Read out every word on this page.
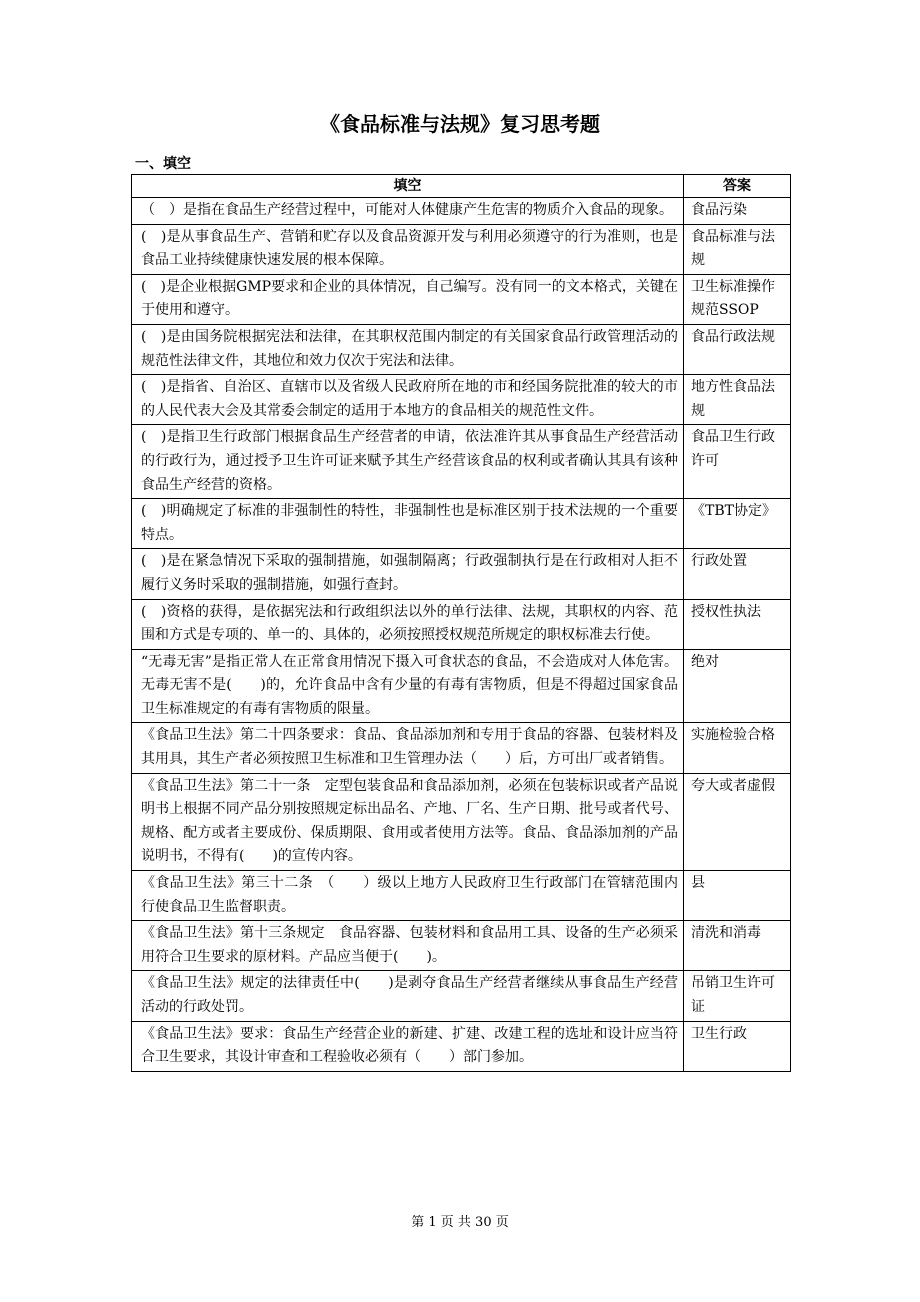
《食品标准与法规》复习思考题
一、填空
填空	答案
（　）是指在食品生产经营过程中，可能对人体健康产生危害的物质介入食品的现象。	食品污染
(　)是从事食品生产、营销和贮存以及食品资源开发与利用必须遵守的行为准则，也是食品工业持续健康快速发展的根本保障。	食品标准与法规
(　)是企业根据GMP要求和企业的具体情况，自己编写。没有同一的文本格式，关键在于使用和遵守。	卫生标准操作规范SSOP
(　)是由国务院根据宪法和法律，在其职权范围内制定的有关国家食品行政管理活动的规范性法律文件，其地位和效力仅次于宪法和法律。	食品行政法规
(　)是指省、自治区、直辖市以及省级人民政府所在地的市和经国务院批准的较大的市的人民代表大会及其常委会制定的适用于本地方的食品相关的规范性文件。	地方性食品法规
(　)是指卫生行政部门根据食品生产经营者的申请，依法准许其从事食品生产经营活动的行政行为，通过授予卫生许可证来赋予其生产经营该食品的权利或者确认其具有该种食品生产经营的资格。	食品卫生行政许可
(　)明确规定了标准的非强制性的特性，非强制性也是标准区别于技术法规的一个重要特点。	《TBT协定》
(　)是在紧急情况下采取的强制措施，如强制隔离；行政强制执行是在行政相对人拒不履行义务时采取的强制措施，如强行查封。	行政处置
(　)资格的获得，是依据宪法和行政组织法以外的单行法律、法规，其职权的内容、范围和方式是专项的、单一的、具体的，必须按照授权规范所规定的职权标准去行使。	授权性执法
“无毒无害”是指正常人在正常食用情况下摄入可食状态的食品，不会造成对人体危害。无毒无害不是(　　)的，允许食品中含有少量的有毒有害物质，但是不得超过国家食品卫生标准规定的有毒有害物质的限量。	绝对
《食品卫生法》第二十四条要求：食品、食品添加剂和专用于食品的容器、包装材料及其用具，其生产者必须按照卫生标准和卫生管理办法（　　）后，方可出厂或者销售。	实施检验合格
《食品卫生法》第二十一条　定型包装食品和食品添加剂，必须在包装标识或者产品说明书上根据不同产品分别按照规定标出品名、产地、厂名、生产日期、批号或者代号、规格、配方或者主要成份、保质期限、食用或者使用方法等。食品、食品添加剂的产品说明书，不得有(　　)的宣传内容。	夸大或者虚假
《食品卫生法》第三十二条　（　　）级以上地方人民政府卫生行政部门在管辖范围内行使食品卫生监督职责。	县
《食品卫生法》第十三条规定　食品容器、包装材料和食品用工具、设备的生产必须采用符合卫生要求的原材料。产品应当便于(　　)。	清洗和消毒
《食品卫生法》规定的法律责任中(　　)是剥夺食品生产经营者继续从事食品生产经营活动的行政处罚。	吊销卫生许可证
《食品卫生法》要求：食品生产经营企业的新建、扩建、改建工程的选址和设计应当符合卫生要求，其设计审查和工程验收必须有（　　）部门参加。	卫生行政
第 1 页 共 30 页
